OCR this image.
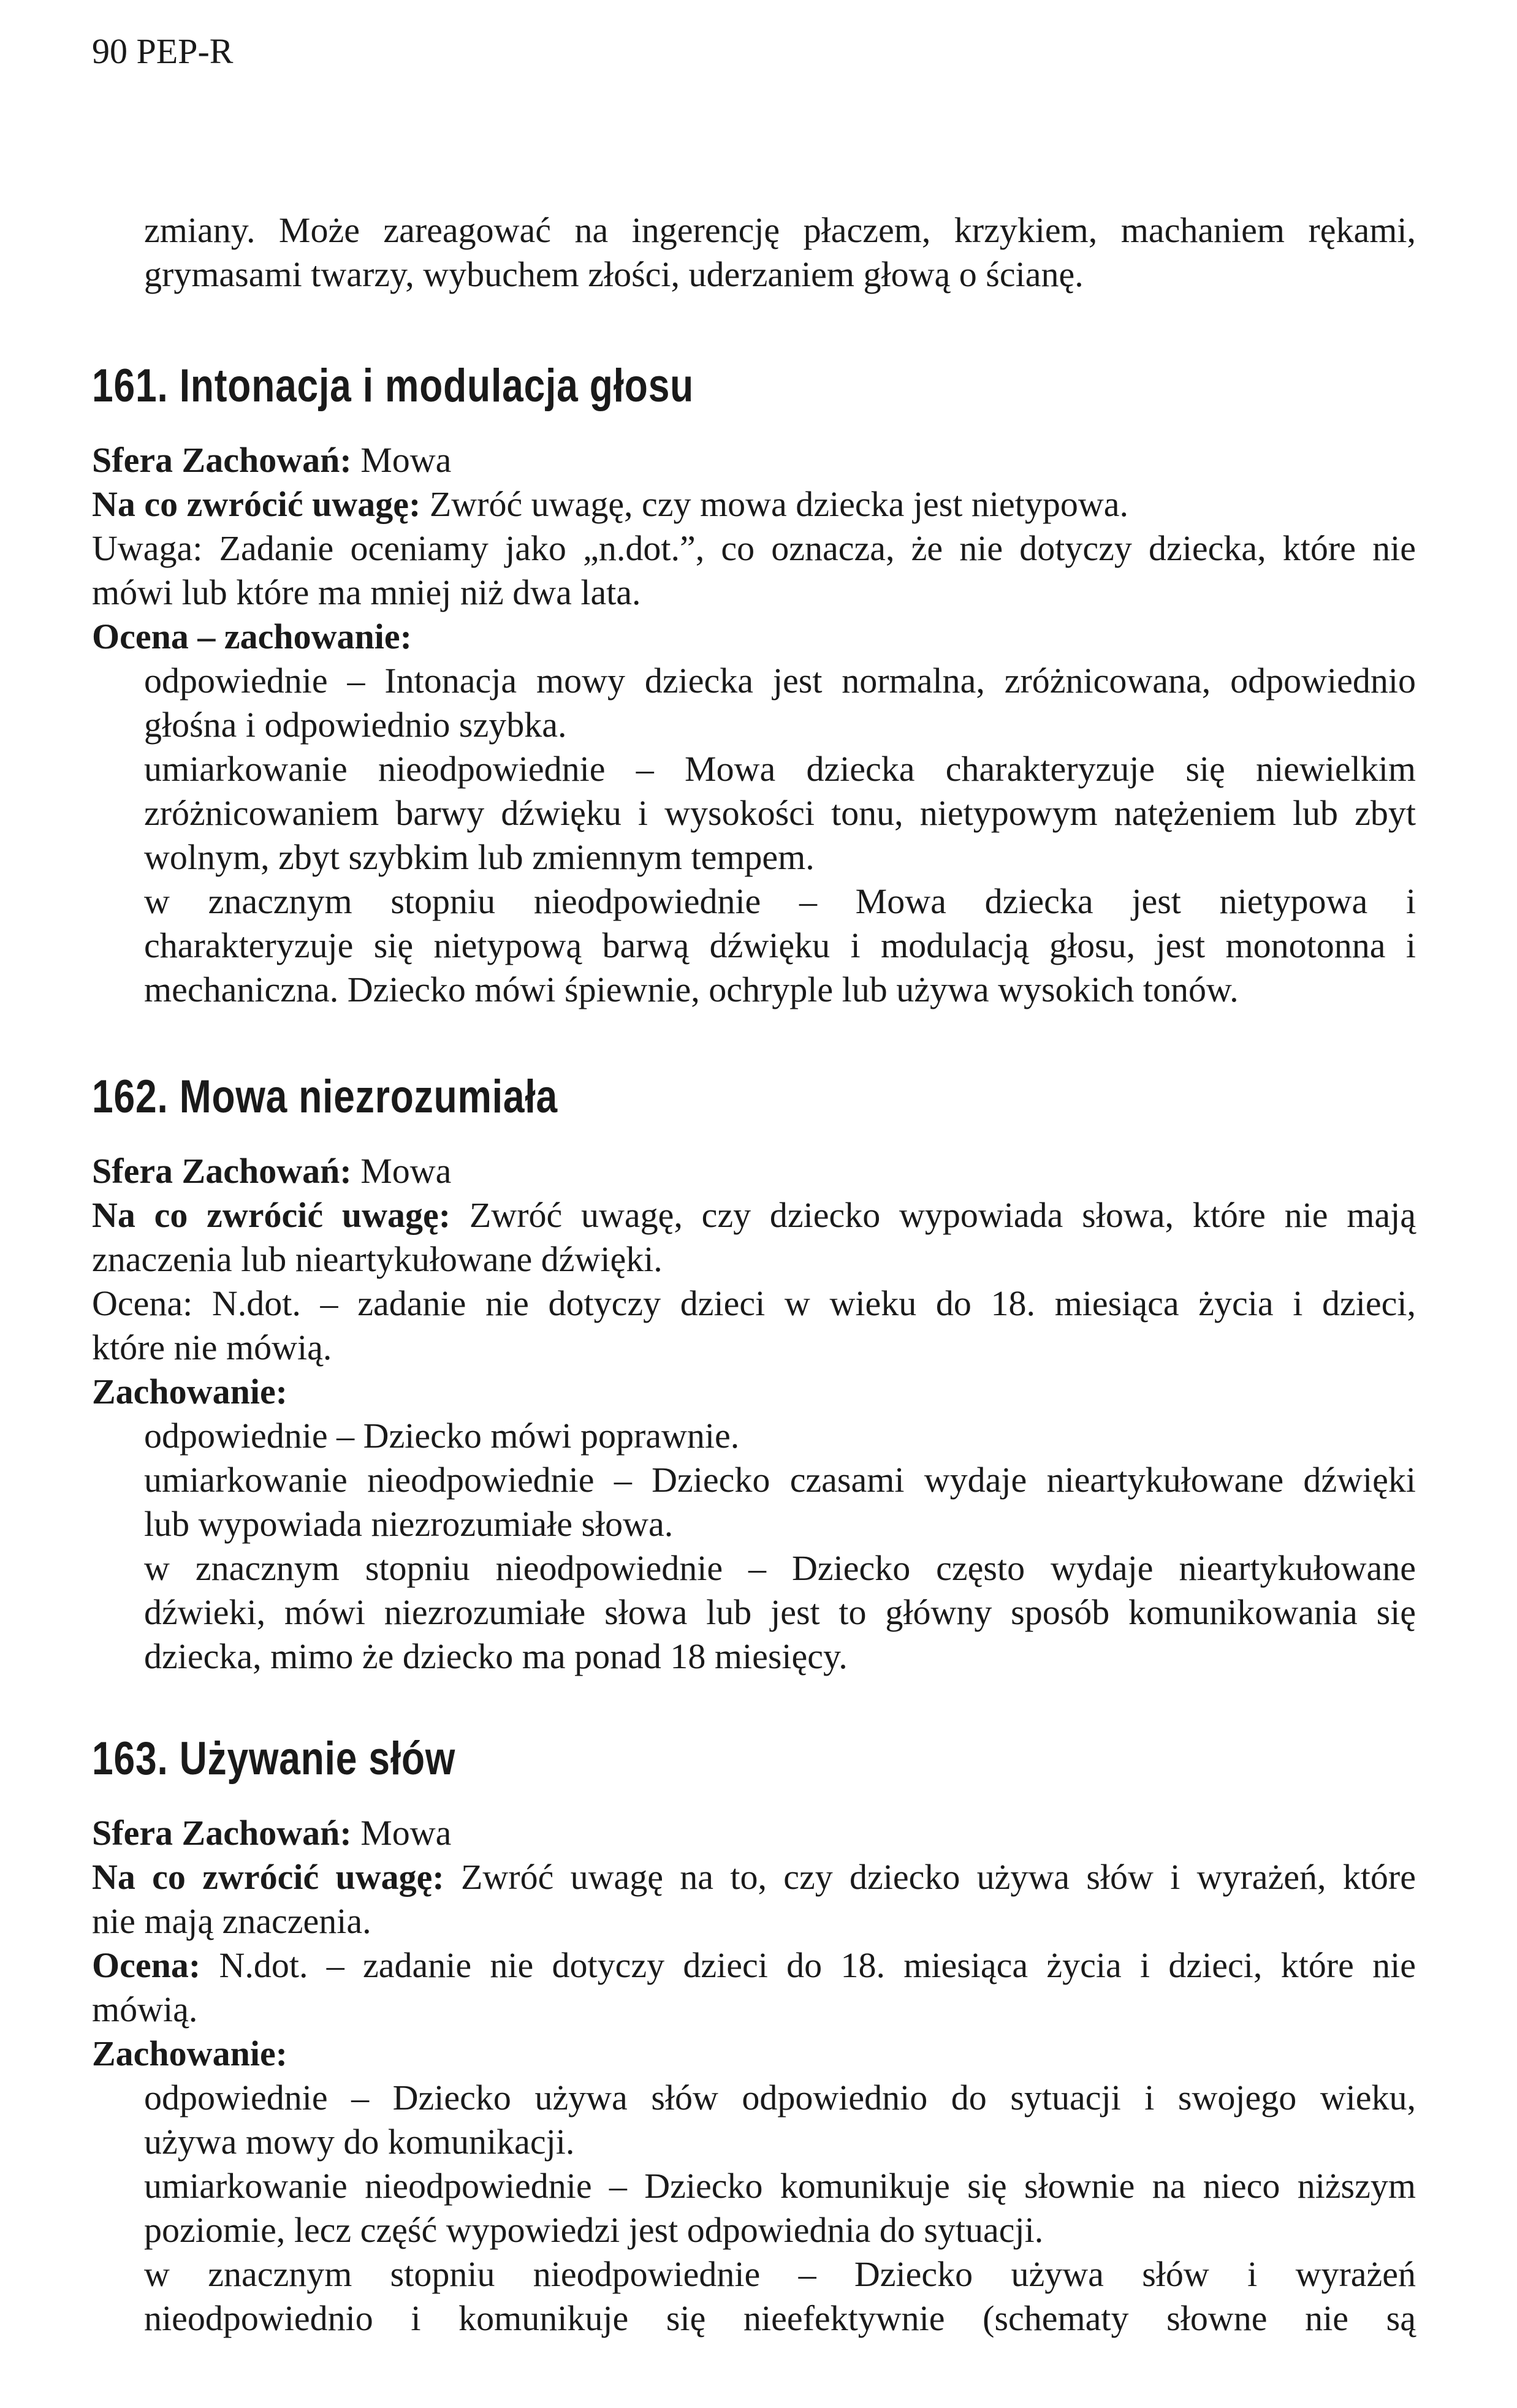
90 PEP-R
zmiany. Może zareagować na ingerencję płaczem, krzykiem, machaniem rękami,
grymasami twarzy, wybuchem złości, uderzaniem głową o ścianę.
161. Intonacja i modulacja głosu
Sfera Zachowań: Mowa
Na co zwrócić uwagę: Zwróć uwagę, czy mowa dziecka jest nietypowa.
Uwaga: Zadanie oceniamy jako „n.dot.”, co oznacza, że nie dotyczy dziecka, które nie
mówi lub które ma mniej niż dwa lata.
Ocena – zachowanie:
odpowiednie – Intonacja mowy dziecka jest normalna, zróżnicowana, odpowiednio
głośna i odpowiednio szybka.
umiarkowanie nieodpowiednie – Mowa dziecka charakteryzuje się niewielkim
zróżnicowaniem barwy dźwięku i wysokości tonu, nietypowym natężeniem lub zbyt
wolnym, zbyt szybkim lub zmiennym tempem.
w znacznym stopniu nieodpowiednie – Mowa dziecka jest nietypowa i
charakteryzuje się nietypową barwą dźwięku i modulacją głosu, jest monotonna i
mechaniczna. Dziecko mówi śpiewnie, ochryple lub używa wysokich tonów.
162. Mowa niezrozumiała
Sfera Zachowań: Mowa
Na co zwrócić uwagę: Zwróć uwagę, czy dziecko wypowiada słowa, które nie mają
znaczenia lub nieartykułowane dźwięki.
Ocena: N.dot. – zadanie nie dotyczy dzieci w wieku do 18. miesiąca życia i dzieci,
które nie mówią.
Zachowanie:
odpowiednie – Dziecko mówi poprawnie.
umiarkowanie nieodpowiednie – Dziecko czasami wydaje nieartykułowane dźwięki
lub wypowiada niezrozumiałe słowa.
w znacznym stopniu nieodpowiednie – Dziecko często wydaje nieartykułowane
dźwieki, mówi niezrozumiałe słowa lub jest to główny sposób komunikowania się
dziecka, mimo że dziecko ma ponad 18 miesięcy.
163. Używanie słów
Sfera Zachowań: Mowa
Na co zwrócić uwagę: Zwróć uwagę na to, czy dziecko używa słów i wyrażeń, które
nie mają znaczenia.
Ocena: N.dot. – zadanie nie dotyczy dzieci do 18. miesiąca życia i dzieci, które nie
mówią.
Zachowanie:
odpowiednie – Dziecko używa słów odpowiednio do sytuacji i swojego wieku,
używa mowy do komunikacji.
umiarkowanie nieodpowiednie – Dziecko komunikuje się słownie na nieco niższym
poziomie, lecz część wypowiedzi jest odpowiednia do sytuacji.
w znacznym stopniu nieodpowiednie – Dziecko używa słów i wyrażeń
nieodpowiednio i komunikuje się nieefektywnie (schematy słowne nie są
